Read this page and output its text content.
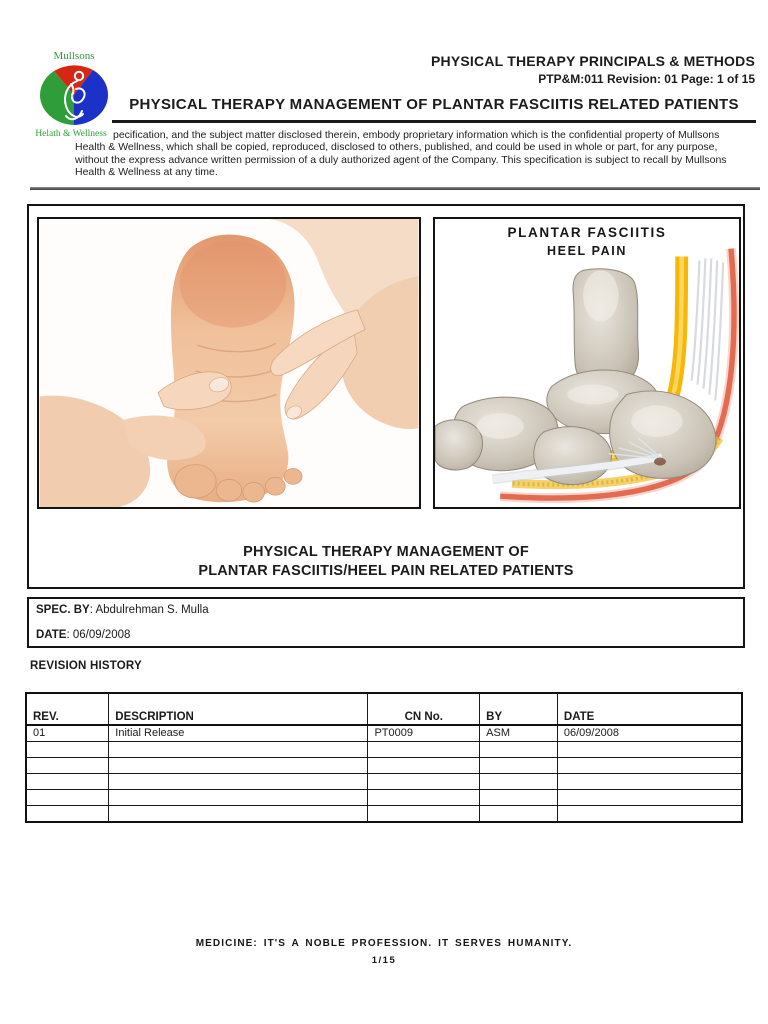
Mullsons
Helath & Wellness
PHYSICAL THERAPY PRINCIPALS & METHODS
PTP&M:011 Revision: 01 Page: 1 of 15
PHYSICAL THERAPY MANAGEMENT OF PLANTAR FASCIITIS RELATED PATIENTS
pecification, and the subject matter disclosed therein, embody proprietary information which is the confidential property of Mullsons Health & Wellness, which shall be copied, reproduced, disclosed to others, published, and could be used in whole or part, for any purpose, without the express advance written permission of a duly authorized agent of the Company. This specification is subject to recall by Mullsons Health & Wellness at any time.
PLANTAR FASCIITIS
HEEL PAIN
PHYSICAL THERAPY MANAGEMENT OF
PLANTAR FASCIITIS/HEEL PAIN RELATED PATIENTS
SPEC. BY: Abdulrehman S. Mulla
DATE: 06/09/2008
REVISION HISTORY
REV.	DESCRIPTION	CN No.	BY	DATE
01	Initial Release	PT0009	ASM	06/09/2008

MEDICINE: IT'S A NOBLE PROFESSION. IT SERVES HUMANITY.
1/15
